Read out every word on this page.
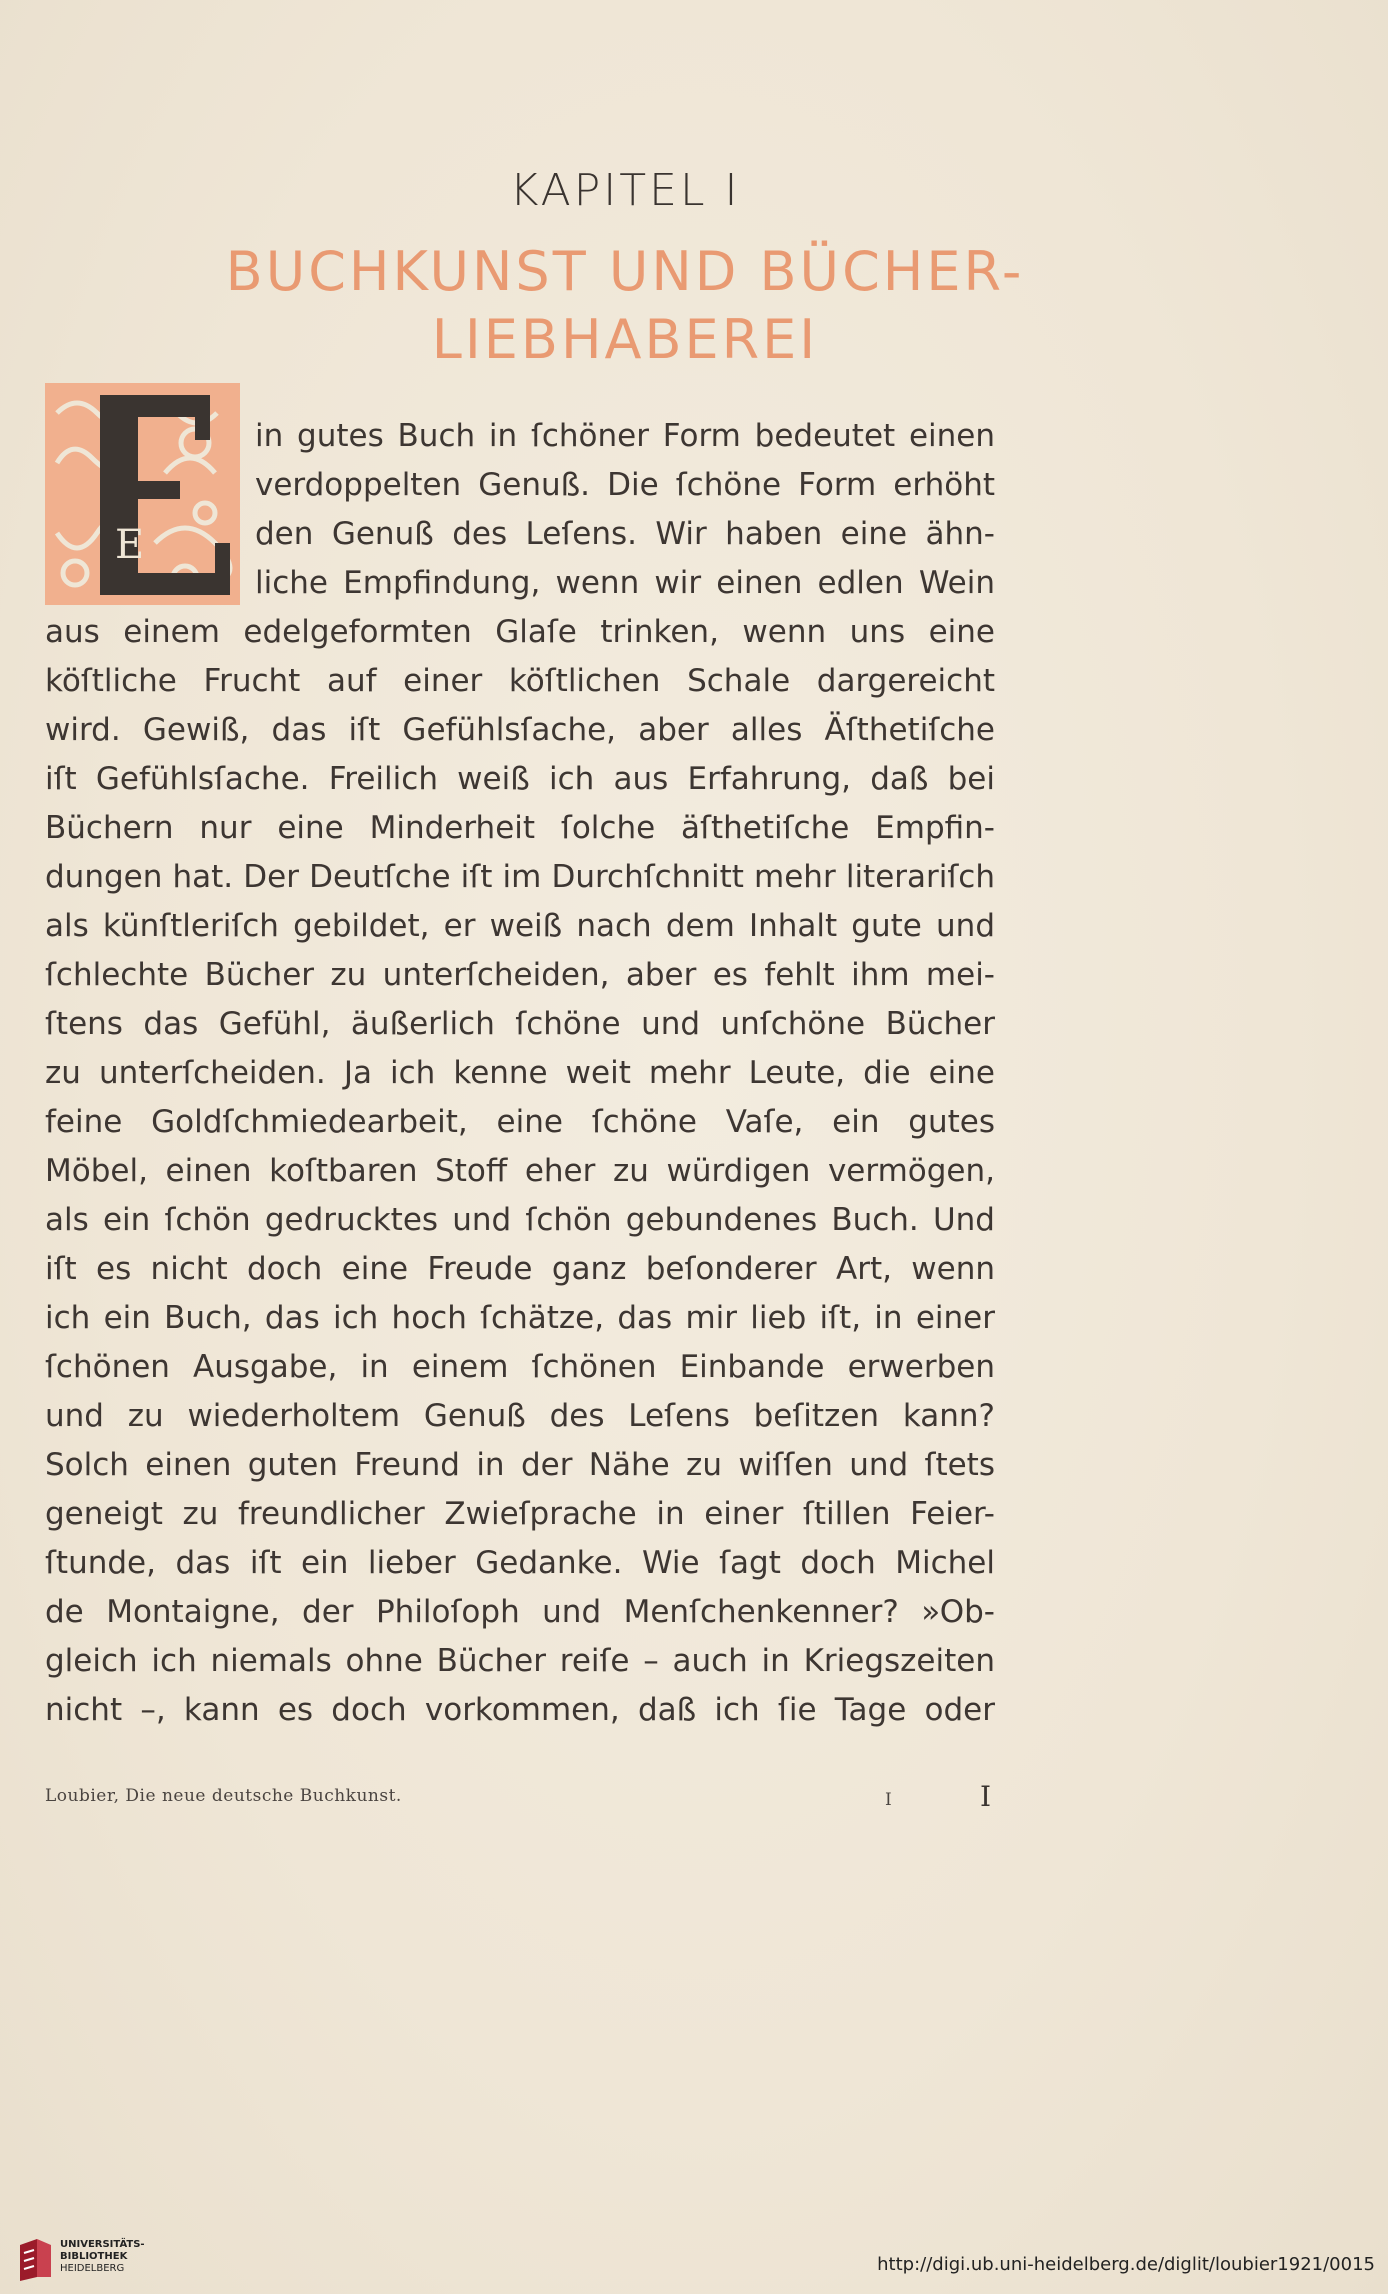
KAPITEL I
BUCHKUNST UND BÜCHER-
LIEBHABEREI
E
in gutes Buch in ſchöner Form bedeutet einen
verdoppelten Genuß. Die ſchöne Form erhöht
den Genuß des Leſens. Wir haben eine ähn-
liche Empfindung, wenn wir einen edlen Wein
aus einem edelgeformten Glaſe trinken, wenn uns eine
köſtliche Frucht auf einer köſtlichen Schale dargereicht
wird. Gewiß, das iſt Gefühlsſache, aber alles Äſthetiſche
iſt Gefühlsſache. Freilich weiß ich aus Erfahrung, daß bei
Büchern nur eine Minderheit ſolche äſthetiſche Empfin-
dungen hat. Der Deutſche iſt im Durchſchnitt mehr literariſch
als künſtleriſch gebildet, er weiß nach dem Inhalt gute und
ſchlechte Bücher zu unterſcheiden, aber es fehlt ihm mei-
ſtens das Gefühl, äußerlich ſchöne und unſchöne Bücher
zu unterſcheiden. Ja ich kenne weit mehr Leute, die eine
feine Goldſchmiedearbeit, eine ſchöne Vaſe, ein gutes
Möbel, einen koſtbaren Stoff eher zu würdigen vermögen,
als ein ſchön gedrucktes und ſchön gebundenes Buch. Und
iſt es nicht doch eine Freude ganz beſonderer Art, wenn
ich ein Buch, das ich hoch ſchätze, das mir lieb iſt, in einer
ſchönen Ausgabe, in einem ſchönen Einbande erwerben
und zu wiederholtem Genuß des Leſens beſitzen kann?
Solch einen guten Freund in der Nähe zu wiſſen und ſtets
geneigt zu freundlicher Zwieſprache in einer ſtillen Feier-
ſtunde, das iſt ein lieber Gedanke. Wie ſagt doch Michel
de Montaigne, der Philoſoph und Menſchenkenner? »Ob-
gleich ich niemals ohne Bücher reiſe – auch in Kriegszeiten
nicht –, kann es doch vorkommen, daß ich ſie Tage oder
Loubier, Die neue deutsche Buchkunst.	I	I
UNIVERSITÄTS-
BIBLIOTHEK
HEIDELBERG	http://digi.ub.uni-heidelberg.de/diglit/loubier1921/0015
